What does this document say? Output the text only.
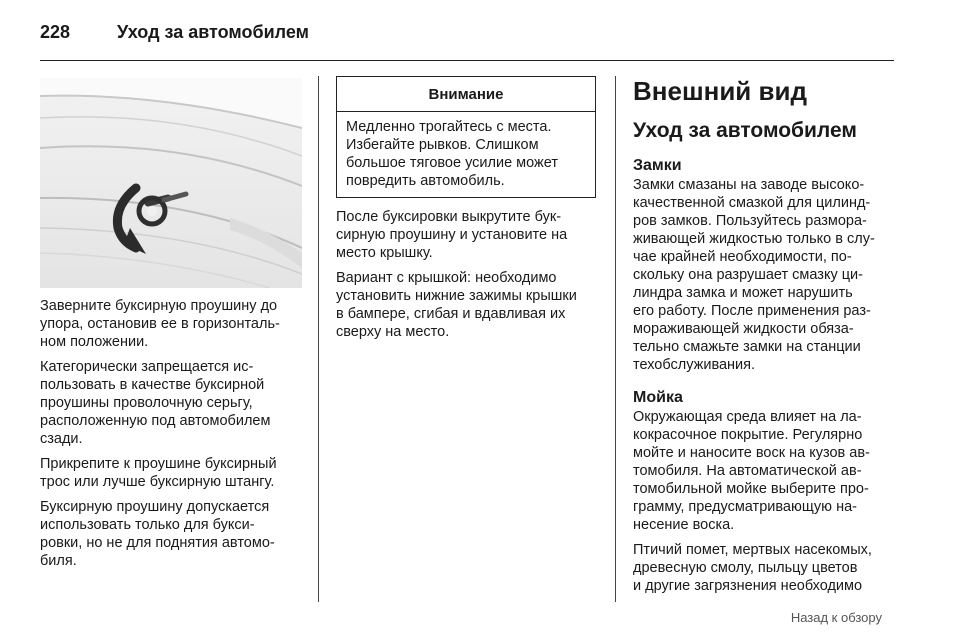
228	Уход за автомобилем

Заверните буксирную проушину до
упора, остановив ее в горизонталь-
ном положении.

Категорически запрещается ис-
пользовать в качестве буксирной
проушины проволочную серьгу,
расположенную под автомобилем
сзади.

Прикрепите к проушине буксирный
трос или лучше буксирную штангу.

Буксирную проушину допускается
использовать только для букси-
ровки, но не для поднятия автомо-
биля.

Внимание

Медленно трогайтесь с места.
Избегайте рывков. Слишком
большое тяговое усилие может
повредить автомобиль.

После буксировки выкрутите бук-
сирную проушину и установите на
место крышку.

Вариант с крышкой: необходимо
установить нижние зажимы крышки
в бампере, сгибая и вдавливая их
сверху на место.

Внешний вид
Уход за автомобилем
Замки

Замки смазаны на заводе высоко-
качественной смазкой для цилинд-
ров замков. Пользуйтесь размора-
живающей жидкостью только в слу-
чае крайней необходимости, по-
скольку она разрушает смазку ци-
линдра замка и может нарушить
его работу. После применения раз-
мораживающей жидкости обяза-
тельно смажьте замки на станции
техобслуживания.

Мойка

Окружающая среда влияет на ла-
кокрасочное покрытие. Регулярно
мойте и наносите воск на кузов ав-
томобиля. На автоматической ав-
томобильной мойке выберите про-
грамму, предусматривающую на-
несение воска.

Птичий помет, мертвых насекомых,
древесную смолу, пыльцу цветов
и другие загрязнения необходимо

Назад к обзору
